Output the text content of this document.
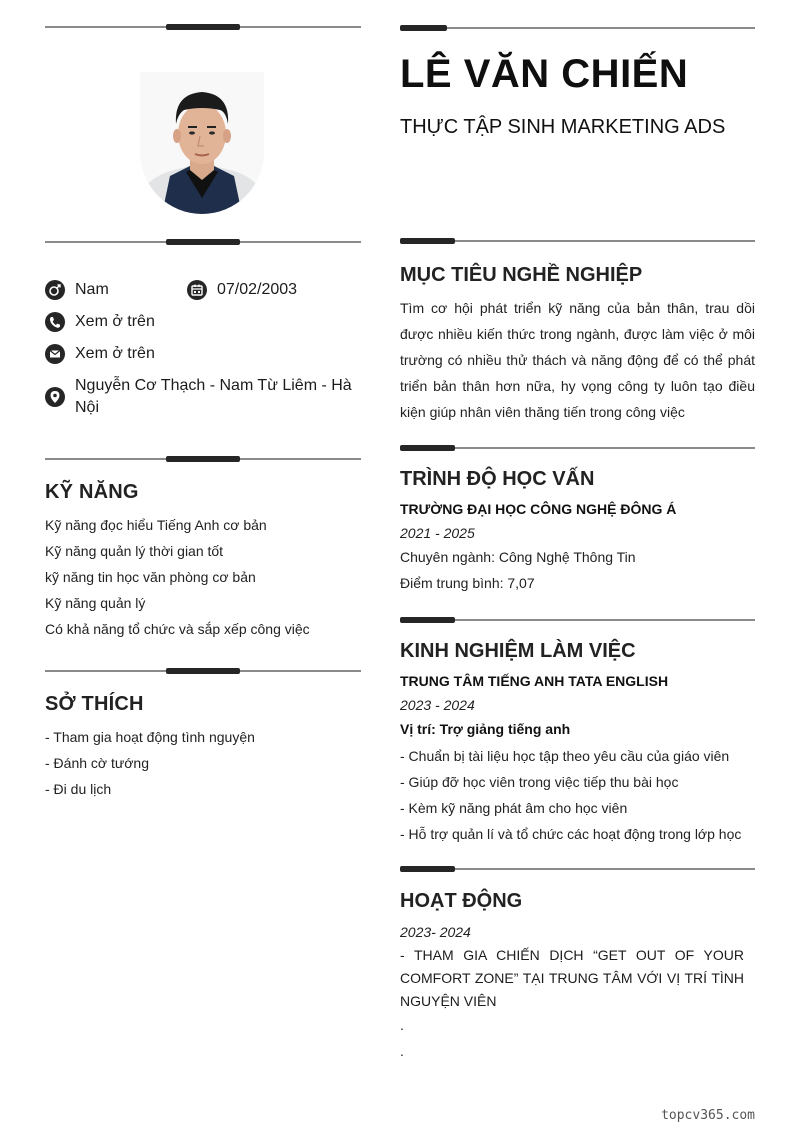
Nam	07/02/2003
Xem ở trên
Xem ở trên
Nguyễn Cơ Thạch - Nam Từ Liêm - Hà Nội
KỸ NĂNG
Kỹ năng đọc hiểu Tiếng Anh cơ bản
Kỹ năng quản lý thời gian tốt
kỹ năng tin học văn phòng cơ bản
Kỹ năng quản lý
Có khả năng tổ chức và sắp xếp công việc
SỞ THÍCH
- Tham gia hoạt động tình nguyện
- Đánh cờ tướng
- Đi du lịch
LÊ VĂN CHIẾN
THỰC TẬP SINH MARKETING ADS
MỤC TIÊU NGHỀ NGHIỆP
Tìm cơ hội phát triển kỹ năng của bản thân, trau dồi được nhiều kiến thức trong ngành, được làm việc ở môi trường có nhiều thử thách và năng động để có thể phát triển bản thân hơn nữa, hy vọng công ty luôn tạo điều kiện giúp nhân viên thăng tiến trong công việc
TRÌNH ĐỘ HỌC VẤN
TRƯỜNG ĐẠI HỌC CÔNG NGHỆ ĐÔNG Á
2021 - 2025
Chuyên ngành: Công Nghệ Thông Tin
Điểm trung bình: 7,07
KINH NGHIỆM LÀM VIỆC
TRUNG TÂM TIẾNG ANH TATA ENGLISH
2023 - 2024
Vị trí: Trợ giảng tiếng anh
- Chuẩn bị tài liệu học tập theo yêu cầu của giáo viên
- Giúp đỡ học viên trong việc tiếp thu bài học
- Kèm kỹ năng phát âm cho học viên
- Hỗ trợ quản lí và tổ chức các hoạt động trong lớp học
HOẠT ĐỘNG
2023- 2024
- THAM GIA CHIẾN DỊCH “GET OUT OF YOUR COMFORT ZONE” TẠI TRUNG TÂM VỚI VỊ TRÍ TÌNH NGUYỆN VIÊN
.
.
topcv365.com
